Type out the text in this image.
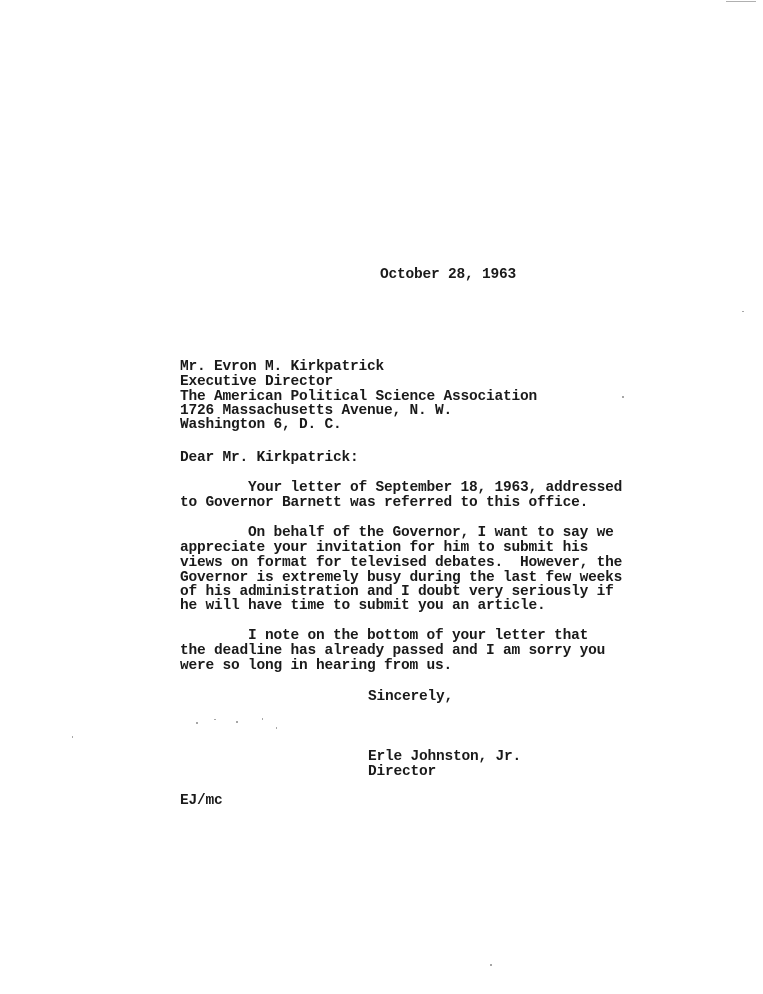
October 28, 1963
Mr. Evron M. Kirkpatrick
Executive Director
The American Political Science Association
1726 Massachusetts Avenue, N. W.
Washington 6, D. C.
Dear Mr. Kirkpatrick:
Your letter of September 18, 1963, addressed
to Governor Barnett was referred to this office.
On behalf of the Governor, I want to say we
appreciate your invitation for him to submit his
views on format for televised debates.  However, the
Governor is extremely busy during the last few weeks
of his administration and I doubt very seriously if
he will have time to submit you an article.
I note on the bottom of your letter that
the deadline has already passed and I am sorry you
were so long in hearing from us.
Sincerely,
Erle Johnston, Jr.
Director
EJ/mc
